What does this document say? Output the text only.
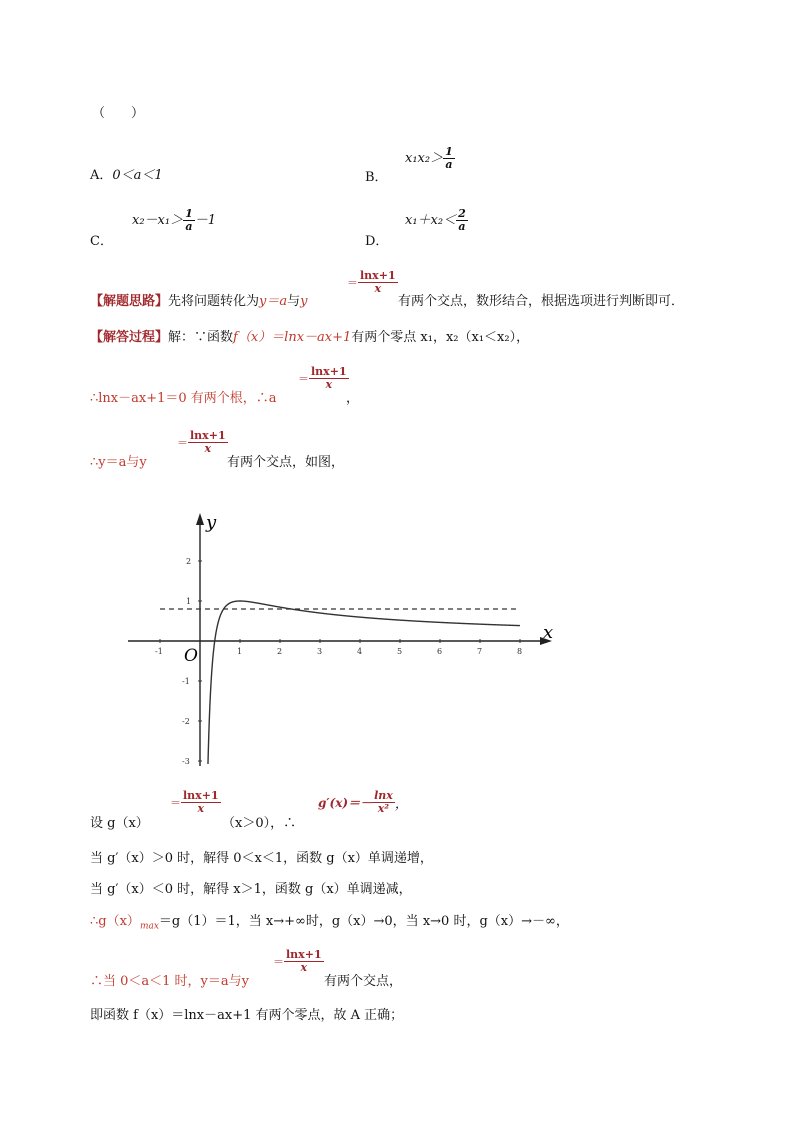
（　　）
A．0＜a＜1	B．
$x_1x_2> \frac{1}{a}$
C．
$x_2-x_1> \frac{1}{a} -1$
D．
$x_1+x_2< \frac{2}{a}$
【解题思路】先将问题转化为y＝a与y
＝ $\frac{\ln x+1}{x}$
有两个交点，数形结合，根据选项进行判断即可．
【解答过程】解：∵函数f（x）＝lnx－ax+1有两个零点 x₁，x₂（x₁＜x₂），
∴lnx－ax+1＝0 有两个根，∴a
＝ $\frac{\ln x+1}{x}$
，
∴y＝a与y
＝ $\frac{\ln x+1}{x}$
有两个交点，如图，
x
y
O
-1	1	2	3	4	5	6	7	8
2
1
-1
-2
-3
设 g（x）
＝ $\frac{\ln x+1}{x}$
（x＞0），∴
$g'(x)=- \frac{\ln x}{\text{x²}}$ ，
当 g′（x）＞0 时，解得 0＜x＜1，函数 g（x）单调递增，
当 g′（x）＜0 时，解得 x＞1，函数 g（x）单调递减，
$\therefore g(x)_{max}=g(1)=1$，当 x→+∞时，g（x）→0，当 x→0 时，g（x）→－∞，
∴当 0＜a＜1 时，y＝a与y
＝ $\frac{\ln x+1}{x}$
有两个交点，
即函数 f（x）＝lnx－ax+1 有两个零点，故 A 正确；
